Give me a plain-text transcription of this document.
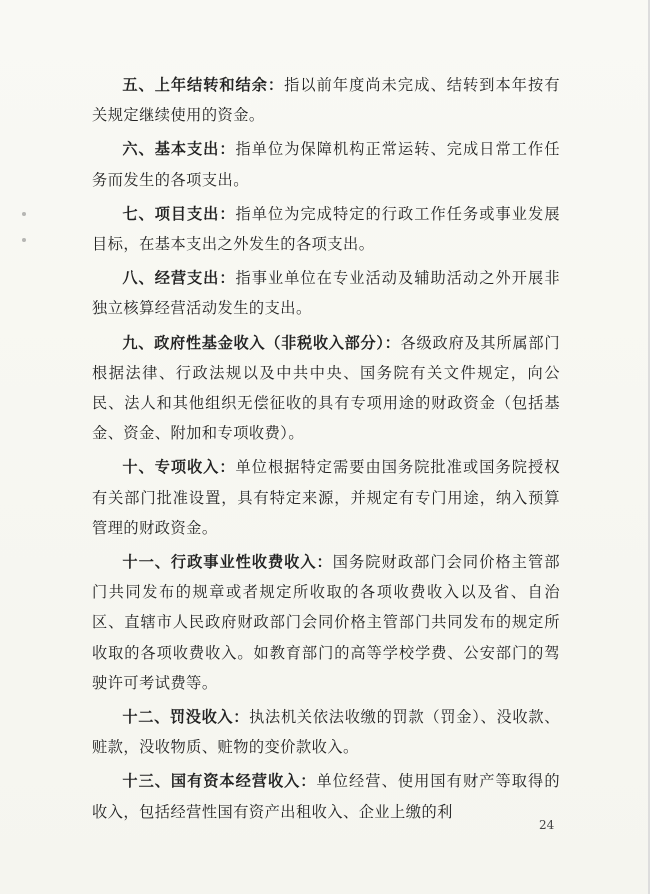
五、上年结转和结余：指以前年度尚未完成、结转到本年按有关规定继续使用的资金。

六、基本支出：指单位为保障机构正常运转、完成日常工作任务而发生的各项支出。

七、项目支出：指单位为完成特定的行政工作任务或事业发展目标，在基本支出之外发生的各项支出。

八、经营支出：指事业单位在专业活动及辅助活动之外开展非独立核算经营活动发生的支出。

九、政府性基金收入（非税收入部分）：各级政府及其所属部门根据法律、行政法规以及中共中央、国务院有关文件规定，向公民、法人和其他组织无偿征收的具有专项用途的财政资金（包括基金、资金、附加和专项收费）。

十、专项收入：单位根据特定需要由国务院批准或国务院授权有关部门批准设置，具有特定来源，并规定有专门用途，纳入预算管理的财政资金。

十一、行政事业性收费收入：国务院财政部门会同价格主管部门共同发布的规章或者规定所收取的各项收费收入以及省、自治区、直辖市人民政府财政部门会同价格主管部门共同发布的规定所收取的各项收费收入。如教育部门的高等学校学费、公安部门的驾驶许可考试费等。

十二、罚没收入：执法机关依法收缴的罚款（罚金）、没收款、赃款，没收物质、赃物的变价款收入。

十三、国有资本经营收入：单位经营、使用国有财产等取得的收入，包括经营性国有资产出租收入、企业上缴的利

24
